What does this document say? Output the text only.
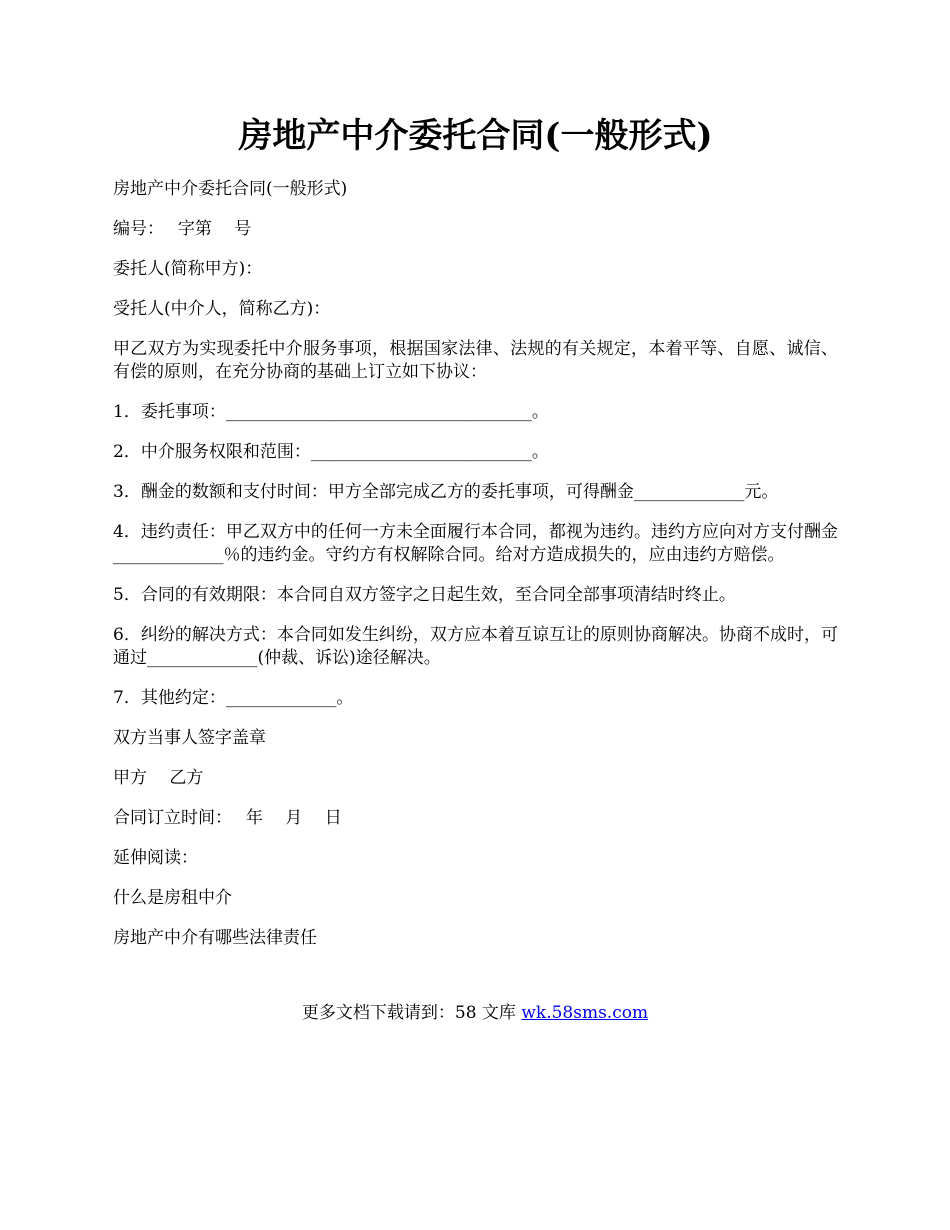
房地产中介委托合同(一般形式)

房地产中介委托合同(一般形式)

编号：　 字第　 号

委托人(简称甲方)：

受托人(中介人，简称乙方)：

甲乙双方为实现委托中介服务事项，根据国家法律、法规的有关规定，本着平等、自愿、诚信、有偿的原则，在充分协商的基础上订立如下协议：

1．委托事项：____________________________________。

2．中介服务权限和范围：__________________________。

3．酬金的数额和支付时间：甲方全部完成乙方的委托事项，可得酬金_____________元。

4．违约责任：甲乙双方中的任何一方未全面履行本合同，都视为违约。违约方应向对方支付酬金_____________％的违约金。守约方有权解除合同。给对方造成损失的，应由违约方赔偿。

5．合同的有效期限：本合同自双方签字之日起生效，至合同全部事项清结时终止。

6．纠纷的解决方式：本合同如发生纠纷，双方应本着互谅互让的原则协商解决。协商不成时，可通过_____________(仲裁、诉讼)途径解决。

7．其他约定：_____________。

双方当事人签字盖章

甲方　 乙方

合同订立时间：　 年　 月　 日

延伸阅读：

什么是房租中介

房地产中介有哪些法律责任

更多文档下载请到：58 文库 wk.58sms.com
